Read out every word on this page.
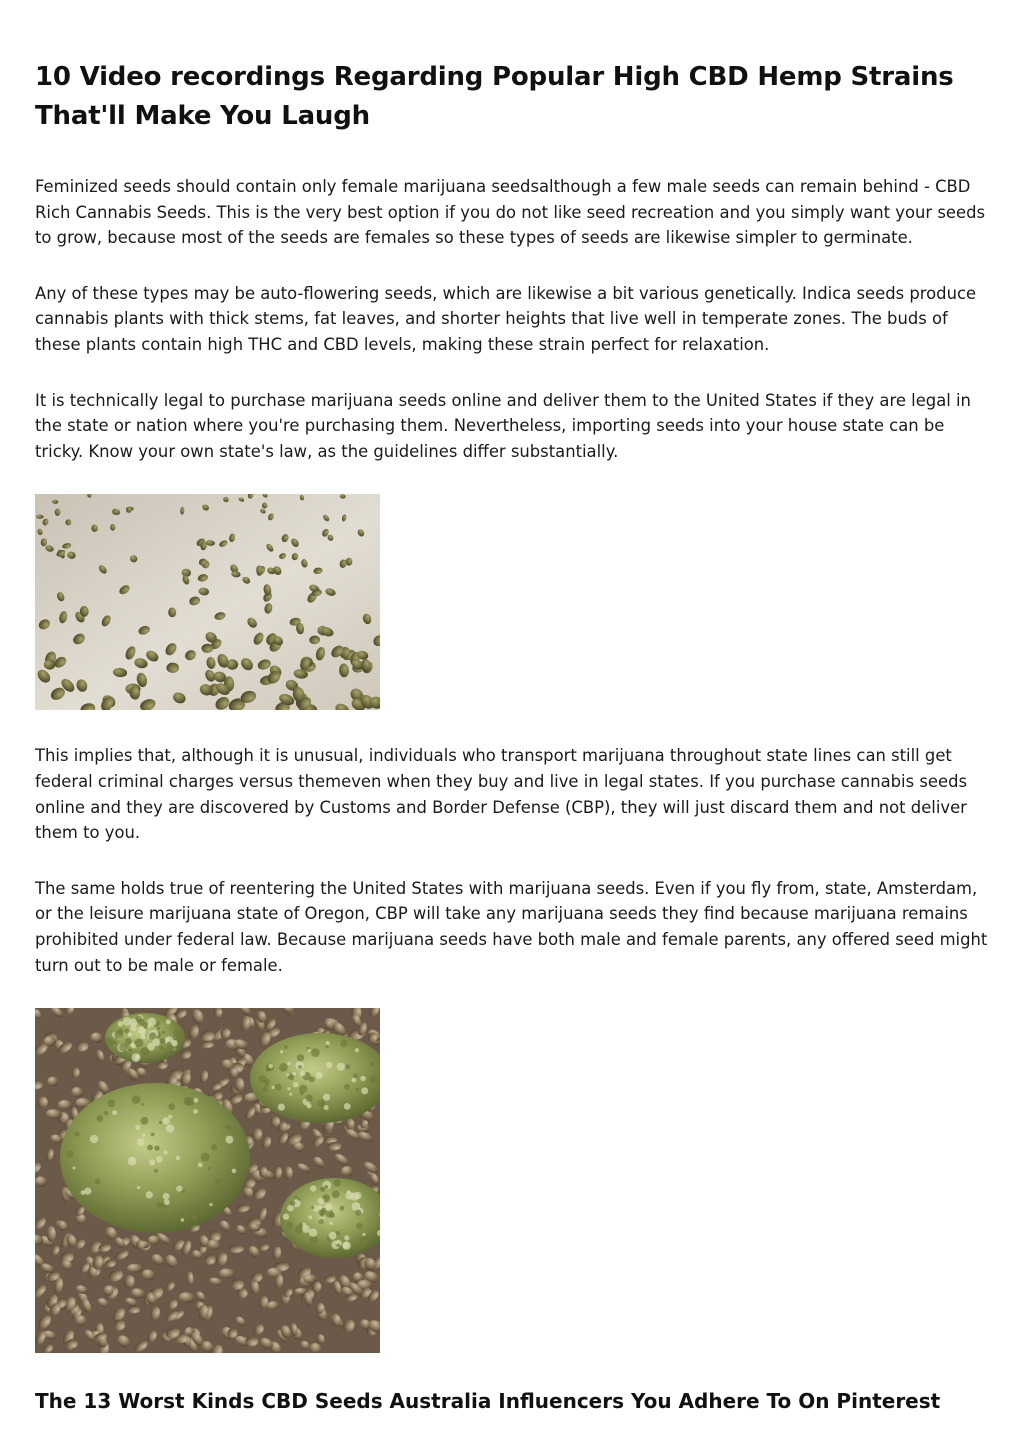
10 Video recordings Regarding Popular High CBD Hemp Strains That'll Make You Laugh

Feminized seeds should contain only female marijuana seedsalthough a few male seeds can remain behind - CBD Rich Cannabis Seeds. This is the very best option if you do not like seed recreation and you simply want your seeds to grow, because most of the seeds are females so these types of seeds are likewise simpler to germinate.

Any of these types may be auto-flowering seeds, which are likewise a bit various genetically. Indica seeds produce cannabis plants with thick stems, fat leaves, and shorter heights that live well in temperate zones. The buds of these plants contain high THC and CBD levels, making these strain perfect for relaxation.

It is technically legal to purchase marijuana seeds online and deliver them to the United States if they are legal in the state or nation where you're purchasing them. Nevertheless, importing seeds into your house state can be tricky. Know your own state's law, as the guidelines differ substantially.

This implies that, although it is unusual, individuals who transport marijuana throughout state lines can still get federal criminal charges versus themeven when they buy and live in legal states. If you purchase cannabis seeds online and they are discovered by Customs and Border Defense (CBP), they will just discard them and not deliver them to you.

The same holds true of reentering the United States with marijuana seeds. Even if you fly from, state, Amsterdam, or the leisure marijuana state of Oregon, CBP will take any marijuana seeds they find because marijuana remains prohibited under federal law. Because marijuana seeds have both male and female parents, any offered seed might turn out to be male or female.

The 13 Worst Kinds CBD Seeds Australia Influencers You Adhere To On Pinterest
